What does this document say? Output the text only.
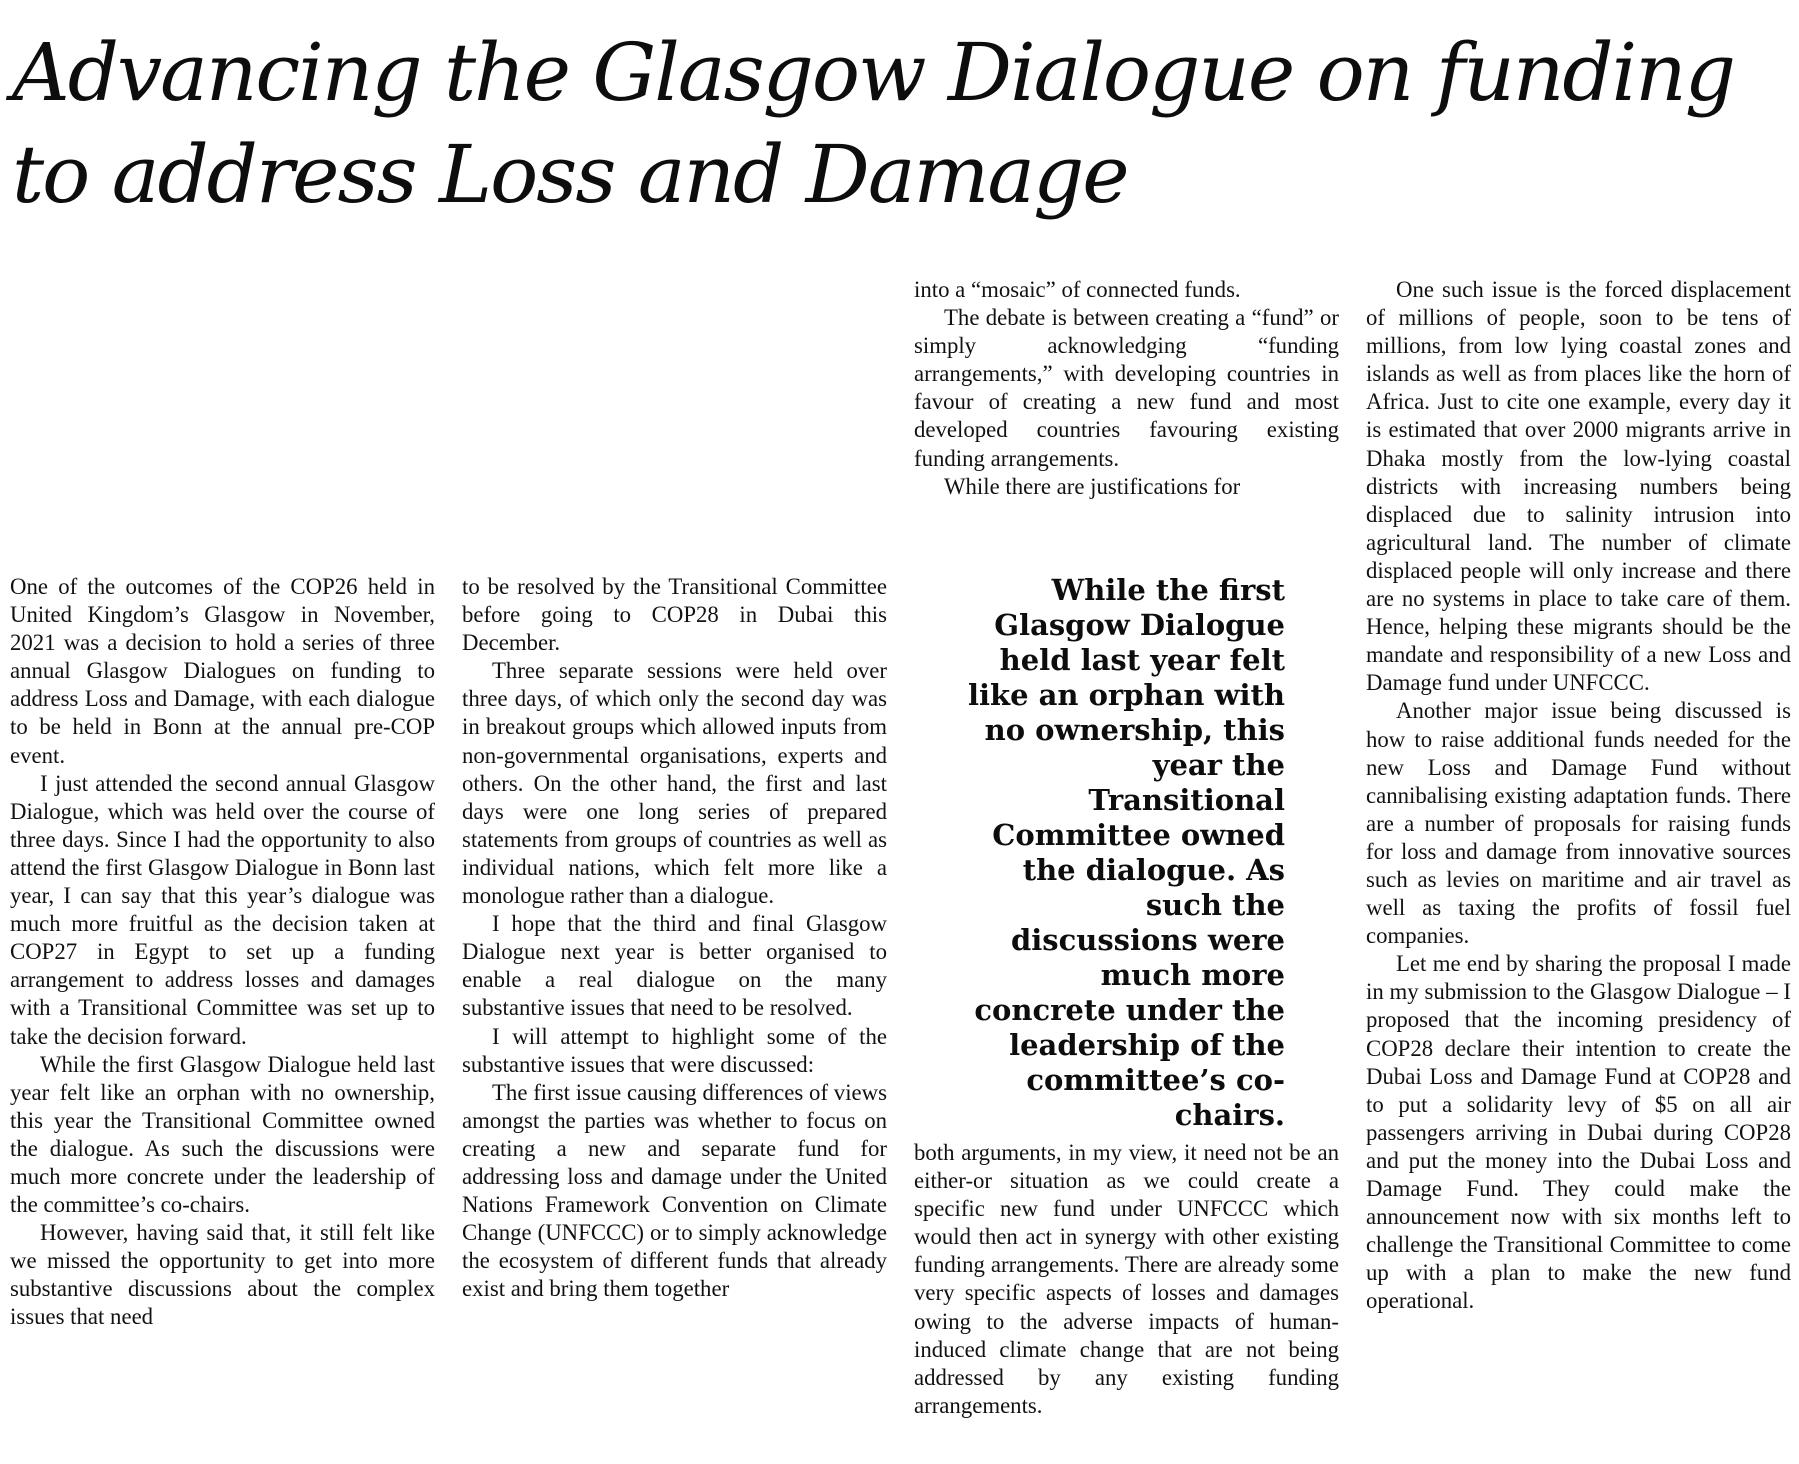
Advancing the Glasgow Dialogue on funding to address Loss and Damage

One of the outcomes of the COP26 held in United Kingdom’s Glasgow in November, 2021 was a decision to hold a series of three annual Glasgow Dialogues on funding to address Loss and Damage, with each dialogue to be held in Bonn at the annual pre-COP event.

I just attended the second annual Glasgow Dialogue, which was held over the course of three days. Since I had the opportunity to also attend the first Glasgow Dialogue in Bonn last year, I can say that this year’s dialogue was much more fruitful as the decision taken at COP27 in Egypt to set up a funding arrangement to address losses and damages with a Transitional Committee was set up to take the decision forward.

While the first Glasgow Dialogue held last year felt like an orphan with no ownership, this year the Transitional Committee owned the dialogue. As such the discussions were much more concrete under the leadership of the committee’s co-chairs.

However, having said that, it still felt like we missed the opportunity to get into more substantive discussions about the complex issues that need

to be resolved by the Transitional Committee before going to COP28 in Dubai this December.

Three separate sessions were held over three days, of which only the second day was in breakout groups which allowed inputs from non-governmental organisations, experts and others. On the other hand, the first and last days were one long series of prepared statements from groups of countries as well as individual nations, which felt more like a monologue rather than a dialogue.

I hope that the third and final Glasgow Dialogue next year is better organised to enable a real dialogue on the many substantive issues that need to be resolved.

I will attempt to highlight some of the substantive issues that were discussed:

The first issue causing differences of views amongst the parties was whether to focus on creating a new and separate fund for addressing loss and damage under the United Nations Framework Convention on Climate Change (UNFCCC) or to simply acknowledge the ecosystem of different funds that already exist and bring them together

into a “mosaic” of connected funds.

The debate is between creating a “fund” or simply acknowledging “funding arrangements,” with developing countries in favour of creating a new fund and most developed countries favouring existing funding arrangements.

While there are justifications for

While the first Glasgow Dialogue held last year felt like an orphan with no ownership, this year the Transitional Committee owned the dialogue. As such the discussions were much more concrete under the leadership of the committee’s co-chairs.

both arguments, in my view, it need not be an either-or situation as we could create a specific new fund under UNFCCC which would then act in synergy with other existing funding arrangements. There are already some very specific aspects of losses and damages owing to the adverse impacts of human-induced climate change that are not being addressed by any existing funding arrangements.

One such issue is the forced displacement of millions of people, soon to be tens of millions, from low lying coastal zones and islands as well as from places like the horn of Africa. Just to cite one example, every day it is estimated that over 2000 migrants arrive in Dhaka mostly from the low-lying coastal districts with increasing numbers being displaced due to salinity intrusion into agricultural land. The number of climate displaced people will only increase and there are no systems in place to take care of them. Hence, helping these migrants should be the mandate and responsibility of a new Loss and Damage fund under UNFCCC.

Another major issue being discussed is how to raise additional funds needed for the new Loss and Damage Fund without cannibalising existing adaptation funds. There are a number of proposals for raising funds for loss and damage from innovative sources such as levies on maritime and air travel as well as taxing the profits of fossil fuel companies.

Let me end by sharing the proposal I made in my submission to the Glasgow Dialogue – I proposed that the incoming presidency of COP28 declare their intention to create the Dubai Loss and Damage Fund at COP28 and to put a solidarity levy of $5 on all air passengers arriving in Dubai during COP28 and put the money into the Dubai Loss and Damage Fund. They could make the announcement now with six months left to challenge the Transitional Committee to come up with a plan to make the new fund operational.
